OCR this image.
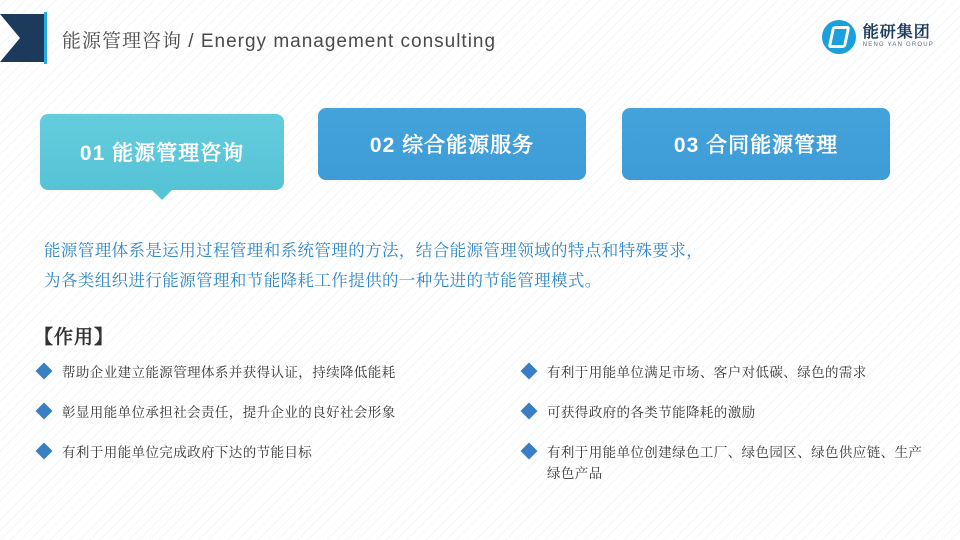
能源管理咨询 / Energy management consulting	能研集团
NENG YAN GROUP
01 能源管理咨询	02 综合能源服务	03 合同能源管理
能源管理体系是运用过程管理和系统管理的方法，结合能源管理领域的特点和特殊要求，
为各类组织进行能源管理和节能降耗工作提供的一种先进的节能管理模式。
【作用】
帮助企业建立能源管理体系并获得认证，持续降低能耗
彰显用能单位承担社会责任，提升企业的良好社会形象
有利于用能单位完成政府下达的节能目标
有利于用能单位满足市场、客户对低碳、绿色的需求
可获得政府的各类节能降耗的激励
有利于用能单位创建绿色工厂、绿色园区、绿色供应链、生产绿色产品
